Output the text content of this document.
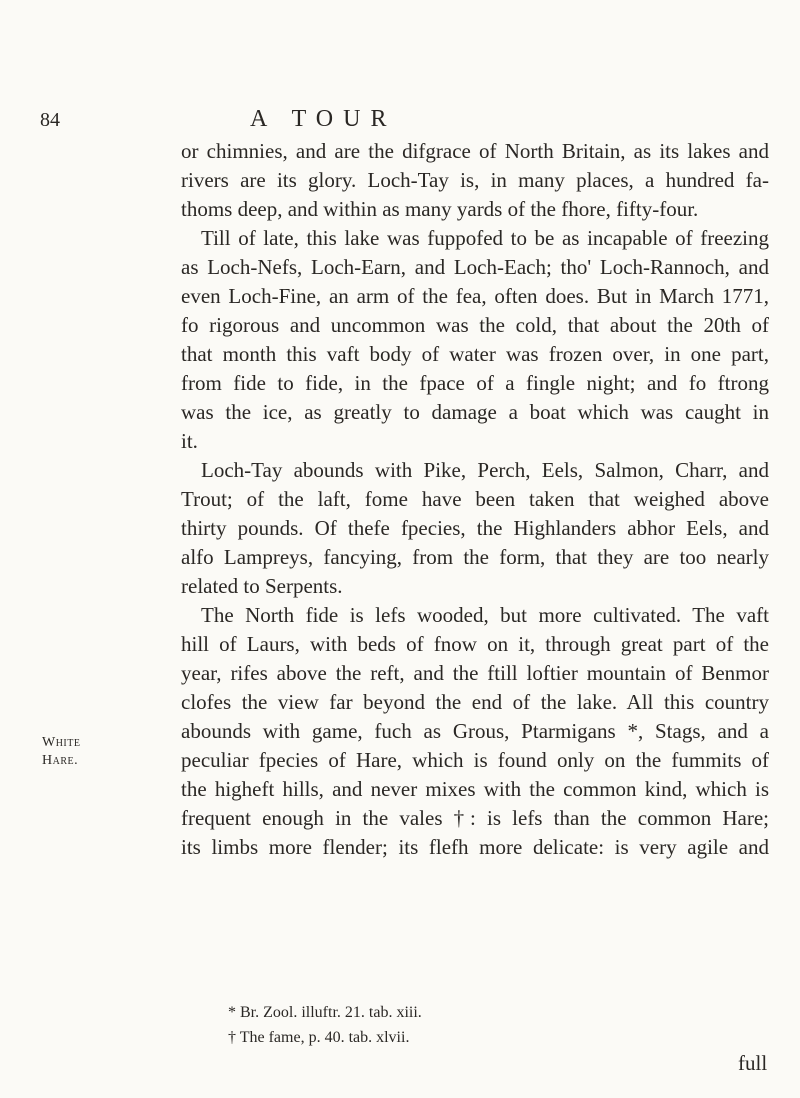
84	A TOUR
White
Hare.
or chimnies, and are the difgrace of North Britain, as its lakes and
rivers are its glory. Loch-Tay is, in many places, a hundred fa-
thoms deep, and within as many yards of the fhore, fifty-four.
Till of late, this lake was fuppofed to be as incapable of freezing
as Loch-Nefs, Loch-Earn, and Loch-Each; tho' Loch-Rannoch, and
even Loch-Fine, an arm of the fea, often does. But in March 1771,
fo rigorous and uncommon was the cold, that about the 20th of
that month this vaft body of water was frozen over, in one part,
from fide to fide, in the fpace of a fingle night; and fo ftrong
was the ice, as greatly to damage a boat which was caught in
it.
Loch-Tay abounds with Pike, Perch, Eels, Salmon, Charr, and
Trout; of the laft, fome have been taken that weighed above
thirty pounds. Of thefe fpecies, the Highlanders abhor Eels, and
alfo Lampreys, fancying, from the form, that they are too nearly
related to Serpents.
The North fide is lefs wooded, but more cultivated. The vaft
hill of Laurs, with beds of fnow on it, through great part of the
year, rifes above the reft, and the ftill loftier mountain of Benmor
clofes the view far beyond the end of the lake. All this country
abounds with game, fuch as Grous, Ptarmigans *, Stags, and a
peculiar fpecies of Hare, which is found only on the fummits of
the higheft hills, and never mixes with the common kind, which is
frequent enough in the vales †: is lefs than the common Hare;
its limbs more flender; its flefh more delicate: is very agile and
* Br. Zool. illuftr. 21. tab. xiii.
† The fame, p. 40. tab. xlvii.
full
